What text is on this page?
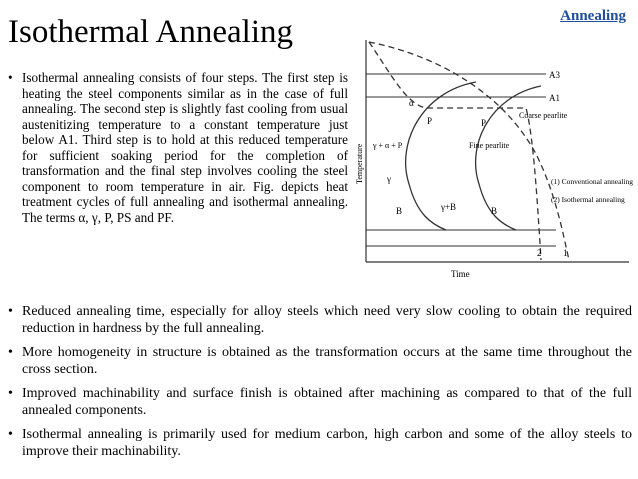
Isothermal Annealing	Annealing
• Isothermal annealing consists of four steps. The first step is heating the steel components similar as in the case of full annealing. The second step is slightly fast cooling from usual austenitizing temperature to a constant temperature just below A1. Third step is to hold at this reduced temperature for sufficient soaking period for the completion of transformation and the final step involves cooling the steel component to room temperature in air. Fig. depicts heat treatment cycles of full annealing and isothermal annealing. The terms α, γ, P, PS and PF.
A3
A1
α
γ + α + P
P
γ
B	γ+B	B
P
Coarse pearlite
Fine pearlite
(1) Conventional annealing
(2) Isothermal annealing
2 1
Time
Temperature
• Reduced annealing time, especially for alloy steels which need very slow cooling to obtain the required reduction in hardness by the full annealing.
• More homogeneity in structure is obtained as the transformation occurs at the same time throughout the cross section.
• Improved machinability and surface finish is obtained after machining as compared to that of the full annealed components.
• Isothermal annealing is primarily used for medium carbon, high carbon and some of the alloy steels to improve their machinability.
